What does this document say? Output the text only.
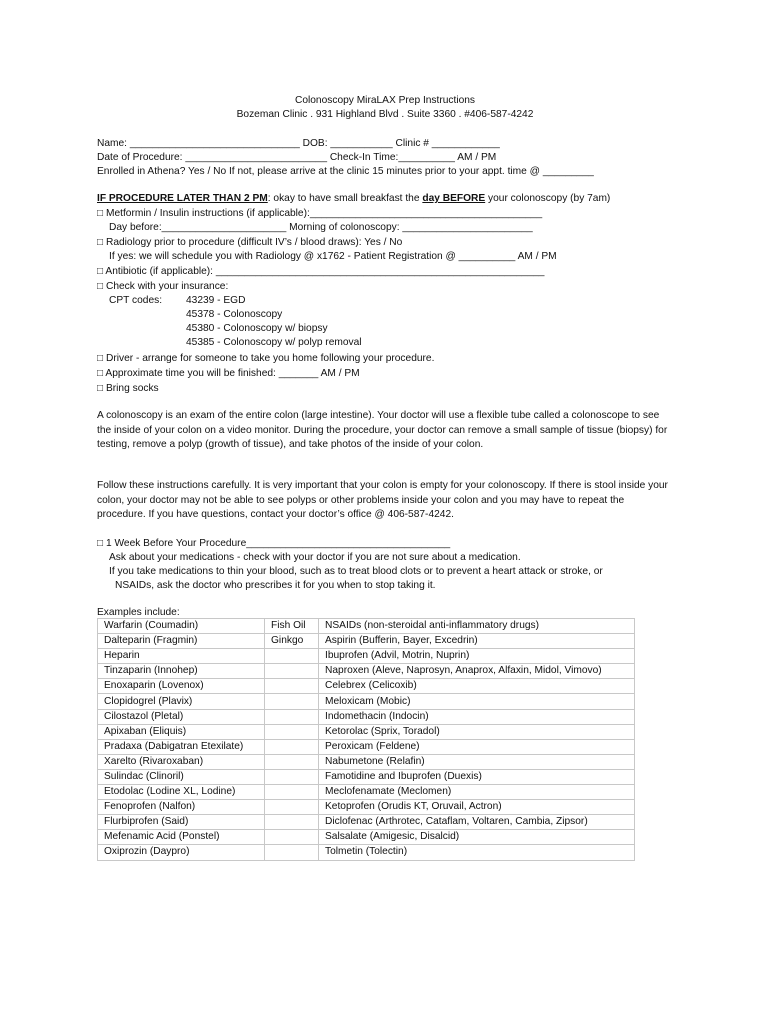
Colonoscopy MiraLAX Prep Instructions
Bozeman Clinic . 931 Highland Blvd . Suite 3360 . #406-587-4242
Name: ______________________________ DOB: ___________ Clinic # ____________
Date of Procedure: _________________________ Check-In Time:__________ AM / PM
Enrolled in Athena? Yes / No If not, please arrive at the clinic 15 minutes prior to your appt. time @ _________
IF PROCEDURE LATER THAN 2 PM: okay to have small breakfast the day BEFORE your colonoscopy (by 7am)
□ Metformin / Insulin instructions (if applicable):_________________________________________
Day before:______________________ Morning of colonoscopy: _______________________
□ Radiology prior to procedure (difficult IV’s / blood draws): Yes / No
If yes: we will schedule you with Radiology @ x1762 - Patient Registration @ __________ AM / PM
□ Antibiotic (if applicable): __________________________________________________________
□ Check with your insurance:
CPT codes: 43239 - EGD
45378 - Colonoscopy
45380 - Colonoscopy w/ biopsy
45385 - Colonoscopy w/ polyp removal
□ Driver - arrange for someone to take you home following your procedure.
□ Approximate time you will be finished: _______ AM / PM
□ Bring socks
A colonoscopy is an exam of the entire colon (large intestine). Your doctor will use a flexible tube called a colonoscope to see the inside of your colon on a video monitor. During the procedure, your doctor can remove a small sample of tissue (biopsy) for testing, remove a polyp (growth of tissue), and take photos of the inside of your colon.
Follow these instructions carefully. It is very important that your colon is empty for your colonoscopy. If there is stool inside your colon, your doctor may not be able to see polyps or other problems inside your colon and you may have to repeat the procedure. If you have questions, contact your doctor’s office @ 406-587-4242.
□ 1 Week Before Your Procedure____________________________________
Ask about your medications - check with your doctor if you are not sure about a medication.
If you take medications to thin your blood, such as to treat blood clots or to prevent a heart attack or stroke, or
NSAIDs, ask the doctor who prescribes it for you when to stop taking it.
Examples include:
Warfarin (Coumadin)	Fish Oil	NSAIDs (non-steroidal anti-inflammatory drugs)
Dalteparin (Fragmin)	Ginkgo	Aspirin (Bufferin, Bayer, Excedrin)
Heparin		Ibuprofen (Advil, Motrin, Nuprin)
Tinzaparin (Innohep)		Naproxen (Aleve, Naprosyn, Anaprox, Alfaxin, Midol, Vimovo)
Enoxaparin (Lovenox)		Celebrex (Celicoxib)
Clopidogrel (Plavix)		Meloxicam (Mobic)
Cilostazol (Pletal)		Indomethacin (Indocin)
Apixaban (Eliquis)		Ketorolac (Sprix, Toradol)
Pradaxa (Dabigatran Etexilate)		Peroxicam (Feldene)
Xarelto (Rivaroxaban)		Nabumetone (Relafin)
Sulindac (Clinoril)		Famotidine and Ibuprofen (Duexis)
Etodolac (Lodine XL, Lodine)		Meclofenamate (Meclomen)
Fenoprofen (Nalfon)		Ketoprofen (Orudis KT, Oruvail, Actron)
Flurbiprofen (Said)		Diclofenac (Arthrotec, Cataflam, Voltaren, Cambia, Zipsor)
Mefenamic Acid (Ponstel)		Salsalate (Amigesic, Disalcid)
Oxiprozin (Daypro)		Tolmetin (Tolectin)
